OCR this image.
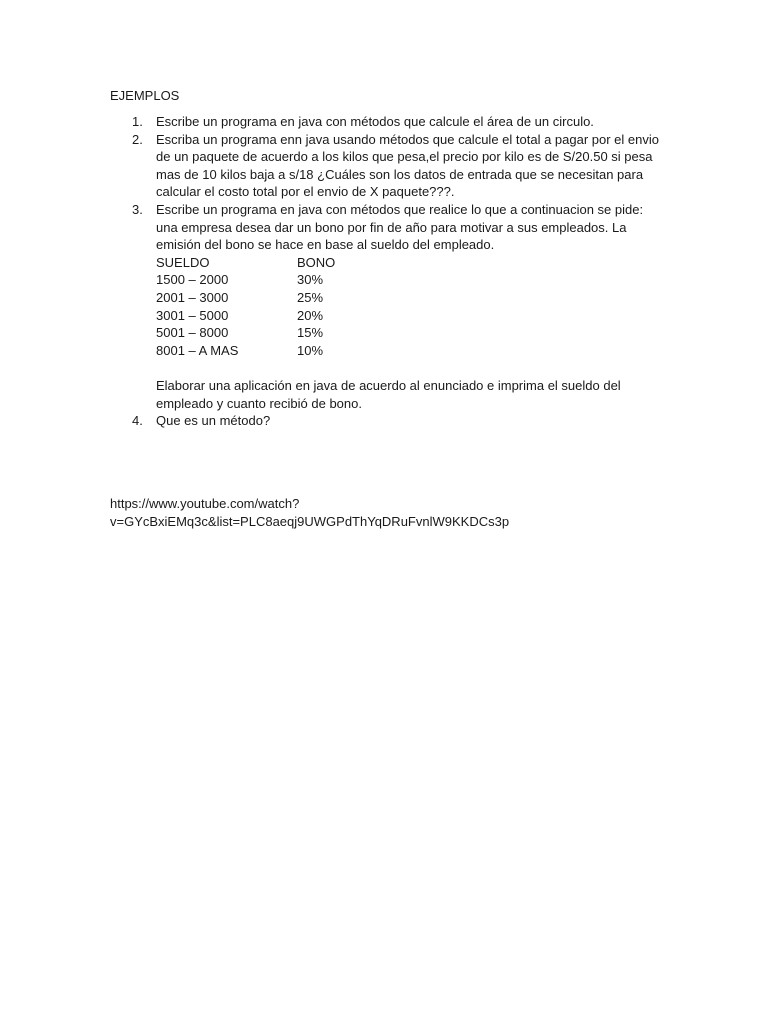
EJEMPLOS
1. Escribe un programa en java con métodos que calcule el área de un circulo.
2. Escriba un programa enn java usando métodos que calcule el total a pagar por el envio
de un paquete de acuerdo a los kilos que pesa,el precio por kilo es de S/20.50 si pesa
mas de 10 kilos baja a s/18 ¿Cuáles son los datos de entrada que se necesitan para
calcular el costo total por el envio de X paquete???.
3. Escribe un programa en java con métodos que realice lo que a continuacion se pide:
una empresa desea dar un bono por fin de año para motivar a sus empleados. La
emisión del bono se hace en base al sueldo del empleado.
SUELDO	BONO
1500 – 2000	30%
2001 – 3000	25%
3001 – 5000	20%
5001 – 8000	15%
8001 – A MAS	10%
Elaborar una aplicación en java de acuerdo al enunciado e imprima el sueldo del
empleado y cuanto recibió de bono.
4. Que es un método?
https://www.youtube.com/watch?
v=GYcBxiEMq3c&list=PLC8aeqj9UWGPdThYqDRuFvnlW9KKDCs3p
